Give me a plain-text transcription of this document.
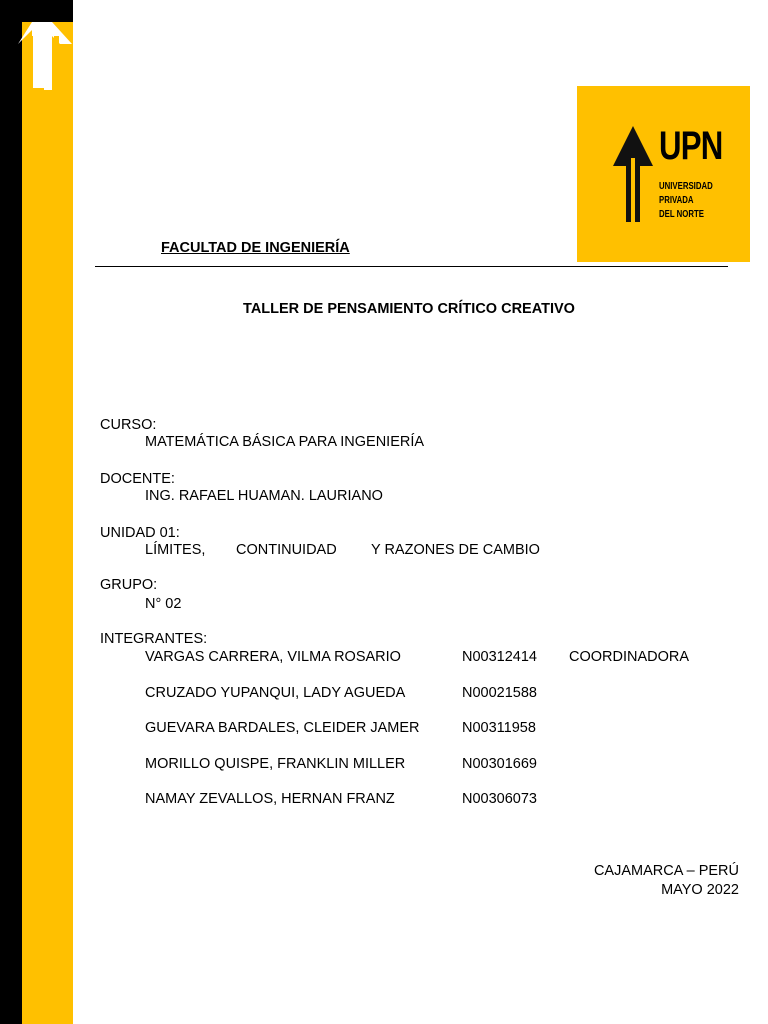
UPN
UNIVERSIDAD
PRIVADA
DEL NORTE
FACULTAD DE INGENIERÍA
TALLER DE PENSAMIENTO CRÍTICO CREATIVO
CURSO:
MATEMÁTICA BÁSICA PARA INGENIERÍA
DOCENTE:
ING. RAFAEL HUAMAN. LAURIANO
UNIDAD 01:
LÍMITES, CONTINUIDAD Y RAZONES DE CAMBIO
GRUPO:
N° 02
INTEGRANTES:
VARGAS CARRERA, VILMA ROSARIO	N00312414 COORDINADORA
CRUZADO YUPANQUI, LADY AGUEDA	N00021588
GUEVARA BARDALES, CLEIDER JAMER	N00311958
MORILLO QUISPE, FRANKLIN MILLER	N00301669
NAMAY ZEVALLOS, HERNAN FRANZ	N00306073
CAJAMARCA – PERÚ
MAYO 2022
